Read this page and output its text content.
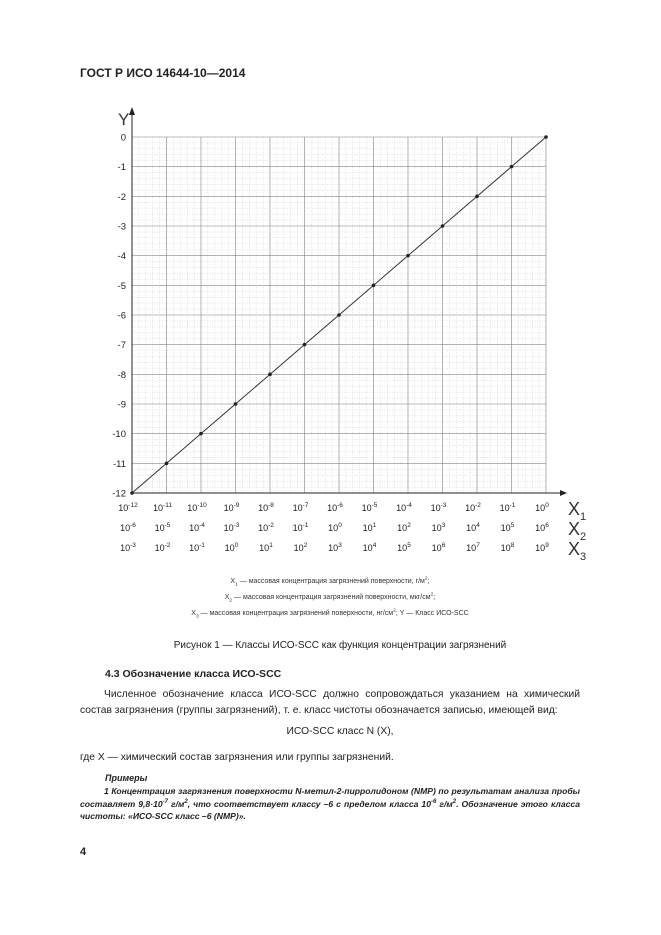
ГОСТ Р ИСО 14644-10—2014
Y
0
-1
-2
-3
-4
-5
-6
-7
-8
-9
-10
-11
-12
$10^{-12}$ $10^{-11}$ $10^{-10}$ $10^{-9}$ $10^{-8}$ $10^{-7}$ $10^{-6}$ $10^{-5}$ $10^{-4}$ $10^{-3}$ $10^{-2}$ $10^{-1}$ $10^0$ $X_1$
$10^{-6}$ $10^{-5}$ $10^{-4}$ $10^{-3}$ $10^{-2}$ $10^{-1}$ $10^0$ $10^1$ $10^2$ $10^3$ $10^4$ $10^5$ $10^6$ $X_2$
$10^{-3}$ $10^{-2}$ $10^{-1}$ $10^0$ $10^1$ $10^2$ $10^3$ $10^4$ $10^5$ $10^6$ $10^7$ $10^8$ $10^9$ $X_3$
$X_1$ — массовая концентрация загрязнений поверхности, $г/м^2$;
$X_2$ — массовая концентрация загрязнений поверхности, мкг/$см^2$;
$X_3$ — массовая концентрация загрязнений поверхности, $нг/см^2$; Y — Класс ИСО-SCC
Рисунок 1 — Классы ИСО-SCC как функция концентрации загрязнений
4.3 Обозначение класса ИСО-SCC
Численное обозначение класса ИСО-SCC должно сопровождаться указанием на химический состав загрязнения (группы загрязнений), т. е. класс чистоты обозначается записью, имеющей вид:
ИСО-SCC класс N (X),
где X — химический состав загрязнения или группы загрязнений.
Примеры
1 Концентрация загрязнения поверхности N-метил-2-пирролидоном (NMP) по результатам анализа пробы составляет $9,8\cdot 10^{-7}$ $г/м^2$, что соответствует классу –6 с пределом класса $10^{-6}$ $г/м^2$. Обозначение этого класса чистоты: «ИСО-SCC класс –6 (NMP)».
4
